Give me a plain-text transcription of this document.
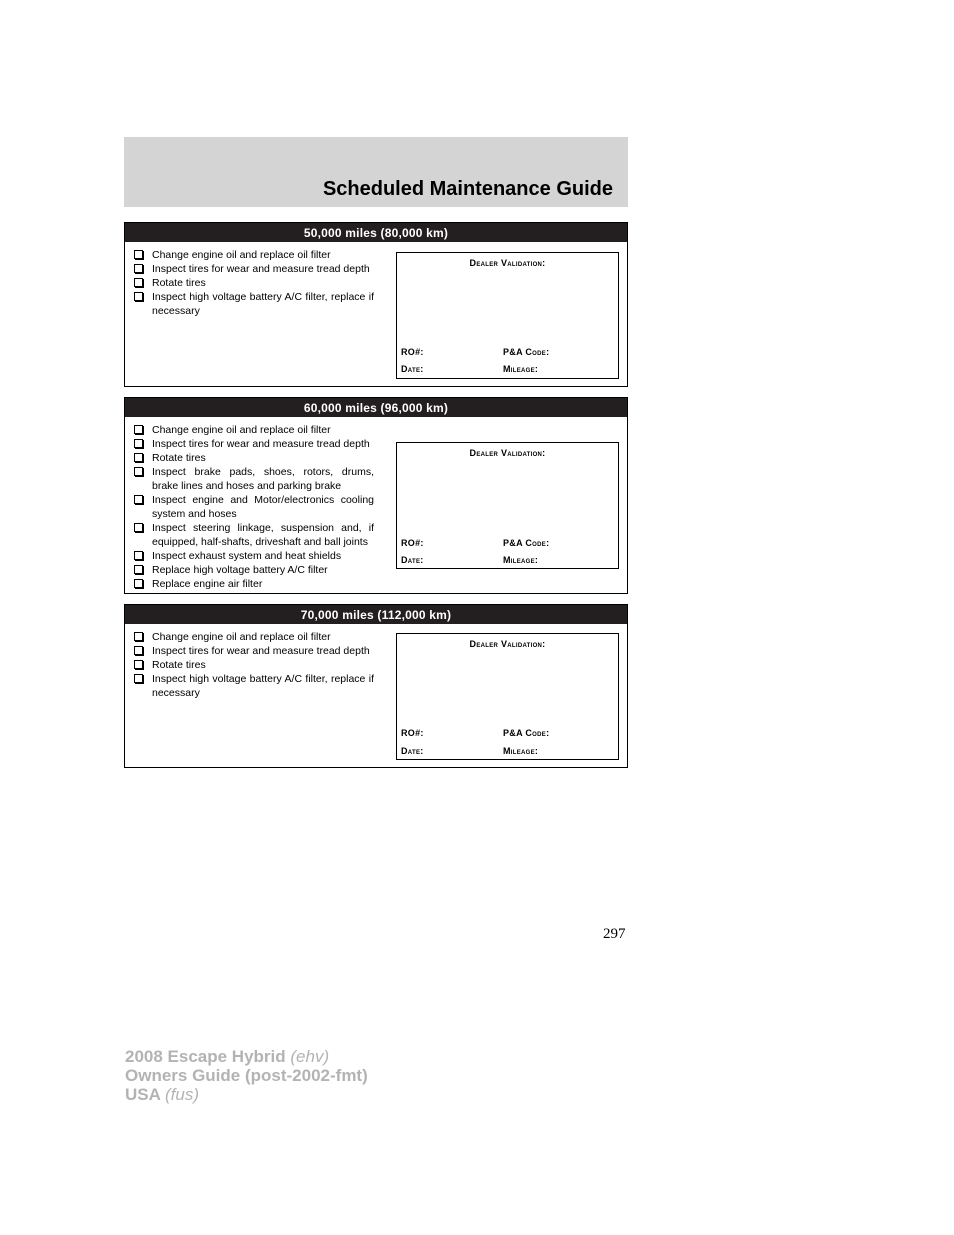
Scheduled Maintenance Guide
50,000 miles (80,000 km)
Change engine oil and replace oil filter
Inspect tires for wear and measure tread depth
Rotate tires
Inspect high voltage battery A/C filter, replace if necessary
Dealer Validation:
RO#:	P&A Code:
Date:	Mileage:
60,000 miles (96,000 km)
Change engine oil and replace oil filter
Inspect tires for wear and measure tread depth
Rotate tires
Inspect brake pads, shoes, rotors, drums, brake lines and hoses and parking brake
Inspect engine and Motor/electronics cooling system and hoses
Inspect steering linkage, suspension and, if equipped, half-shafts, driveshaft and ball joints
Inspect exhaust system and heat shields
Replace high voltage battery A/C filter
Replace engine air filter
Dealer Validation:
RO#:	P&A Code:
Date:	Mileage:
70,000 miles (112,000 km)
Change engine oil and replace oil filter
Inspect tires for wear and measure tread depth
Rotate tires
Inspect high voltage battery A/C filter, replace if necessary
Dealer Validation:
RO#:	P&A Code:
Date:	Mileage:
297
2008 Escape Hybrid (ehv)
Owners Guide (post-2002-fmt)
USA (fus)
